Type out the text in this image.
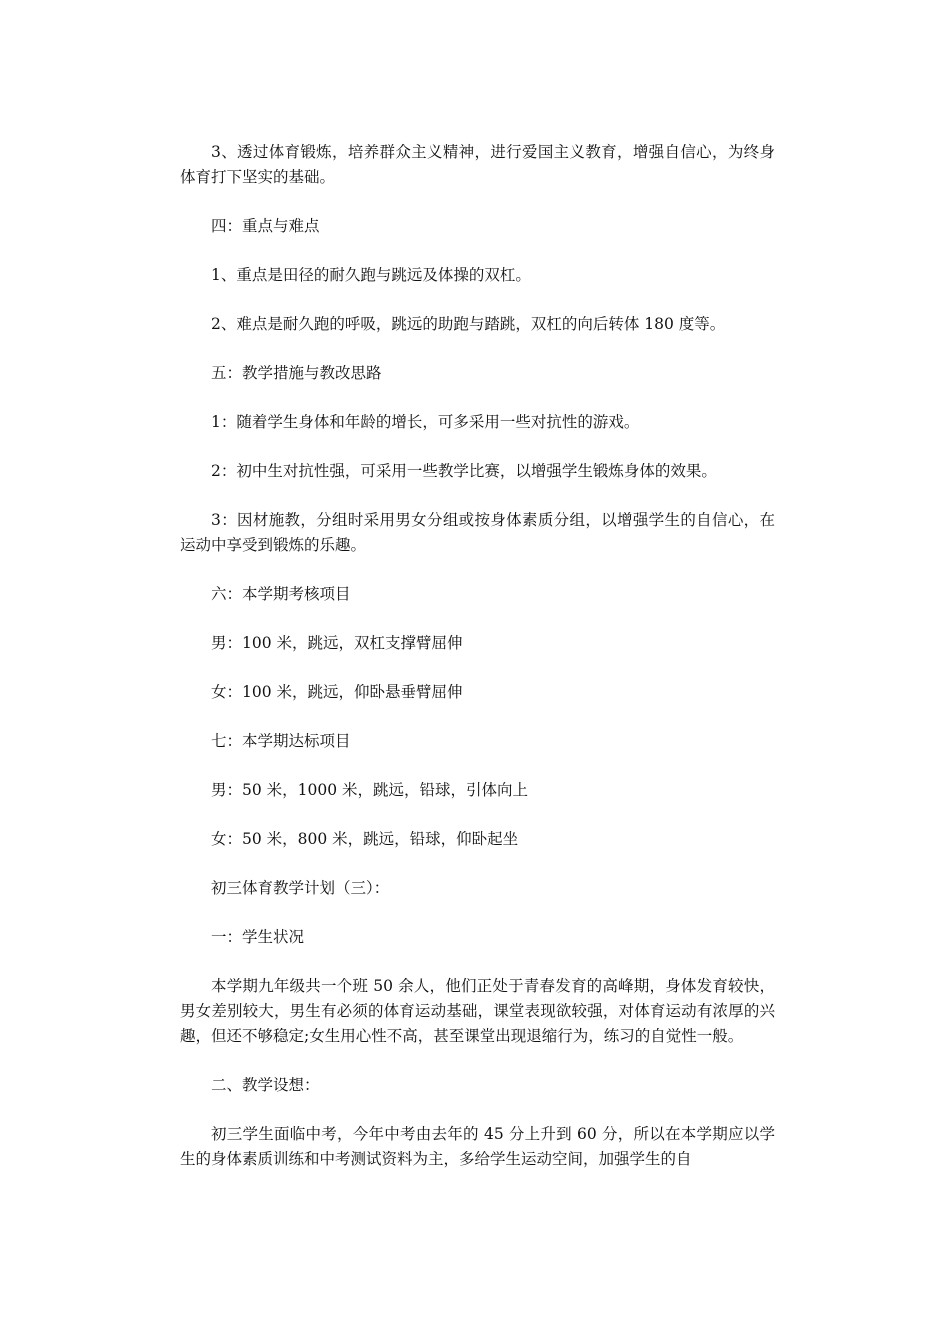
3、透过体育锻炼，培养群众主义精神，进行爱国主义教育，增强自信心，为终身体育打下坚实的基础。

四：重点与难点

1、重点是田径的耐久跑与跳远及体操的双杠。

2、难点是耐久跑的呼吸，跳远的助跑与踏跳，双杠的向后转体 180 度等。

五：教学措施与教改思路

1：随着学生身体和年龄的增长，可多采用一些对抗性的游戏。

2：初中生对抗性强，可采用一些教学比赛，以增强学生锻炼身体的效果。

3：因材施教，分组时采用男女分组或按身体素质分组，以增强学生的自信心，在运动中享受到锻炼的乐趣。

六：本学期考核项目

男：100 米，跳远，双杠支撑臂屈伸

女：100 米，跳远，仰卧悬垂臂屈伸

七：本学期达标项目

男：50 米，1000 米，跳远，铅球，引体向上

女：50 米，800 米，跳远，铅球，仰卧起坐

初三体育教学计划（三）：

一：学生状况

本学期九年级共一个班 50 余人，他们正处于青春发育的高峰期，身体发育较快，男女差别较大，男生有必须的体育运动基础，课堂表现欲较强，对体育运动有浓厚的兴趣，但还不够稳定;女生用心性不高，甚至课堂出现退缩行为，练习的自觉性一般。

二、教学设想：

初三学生面临中考，今年中考由去年的 45 分上升到 60 分，所以在本学期应以学生的身体素质训练和中考测试资料为主，多给学生运动空间，加强学生的自
